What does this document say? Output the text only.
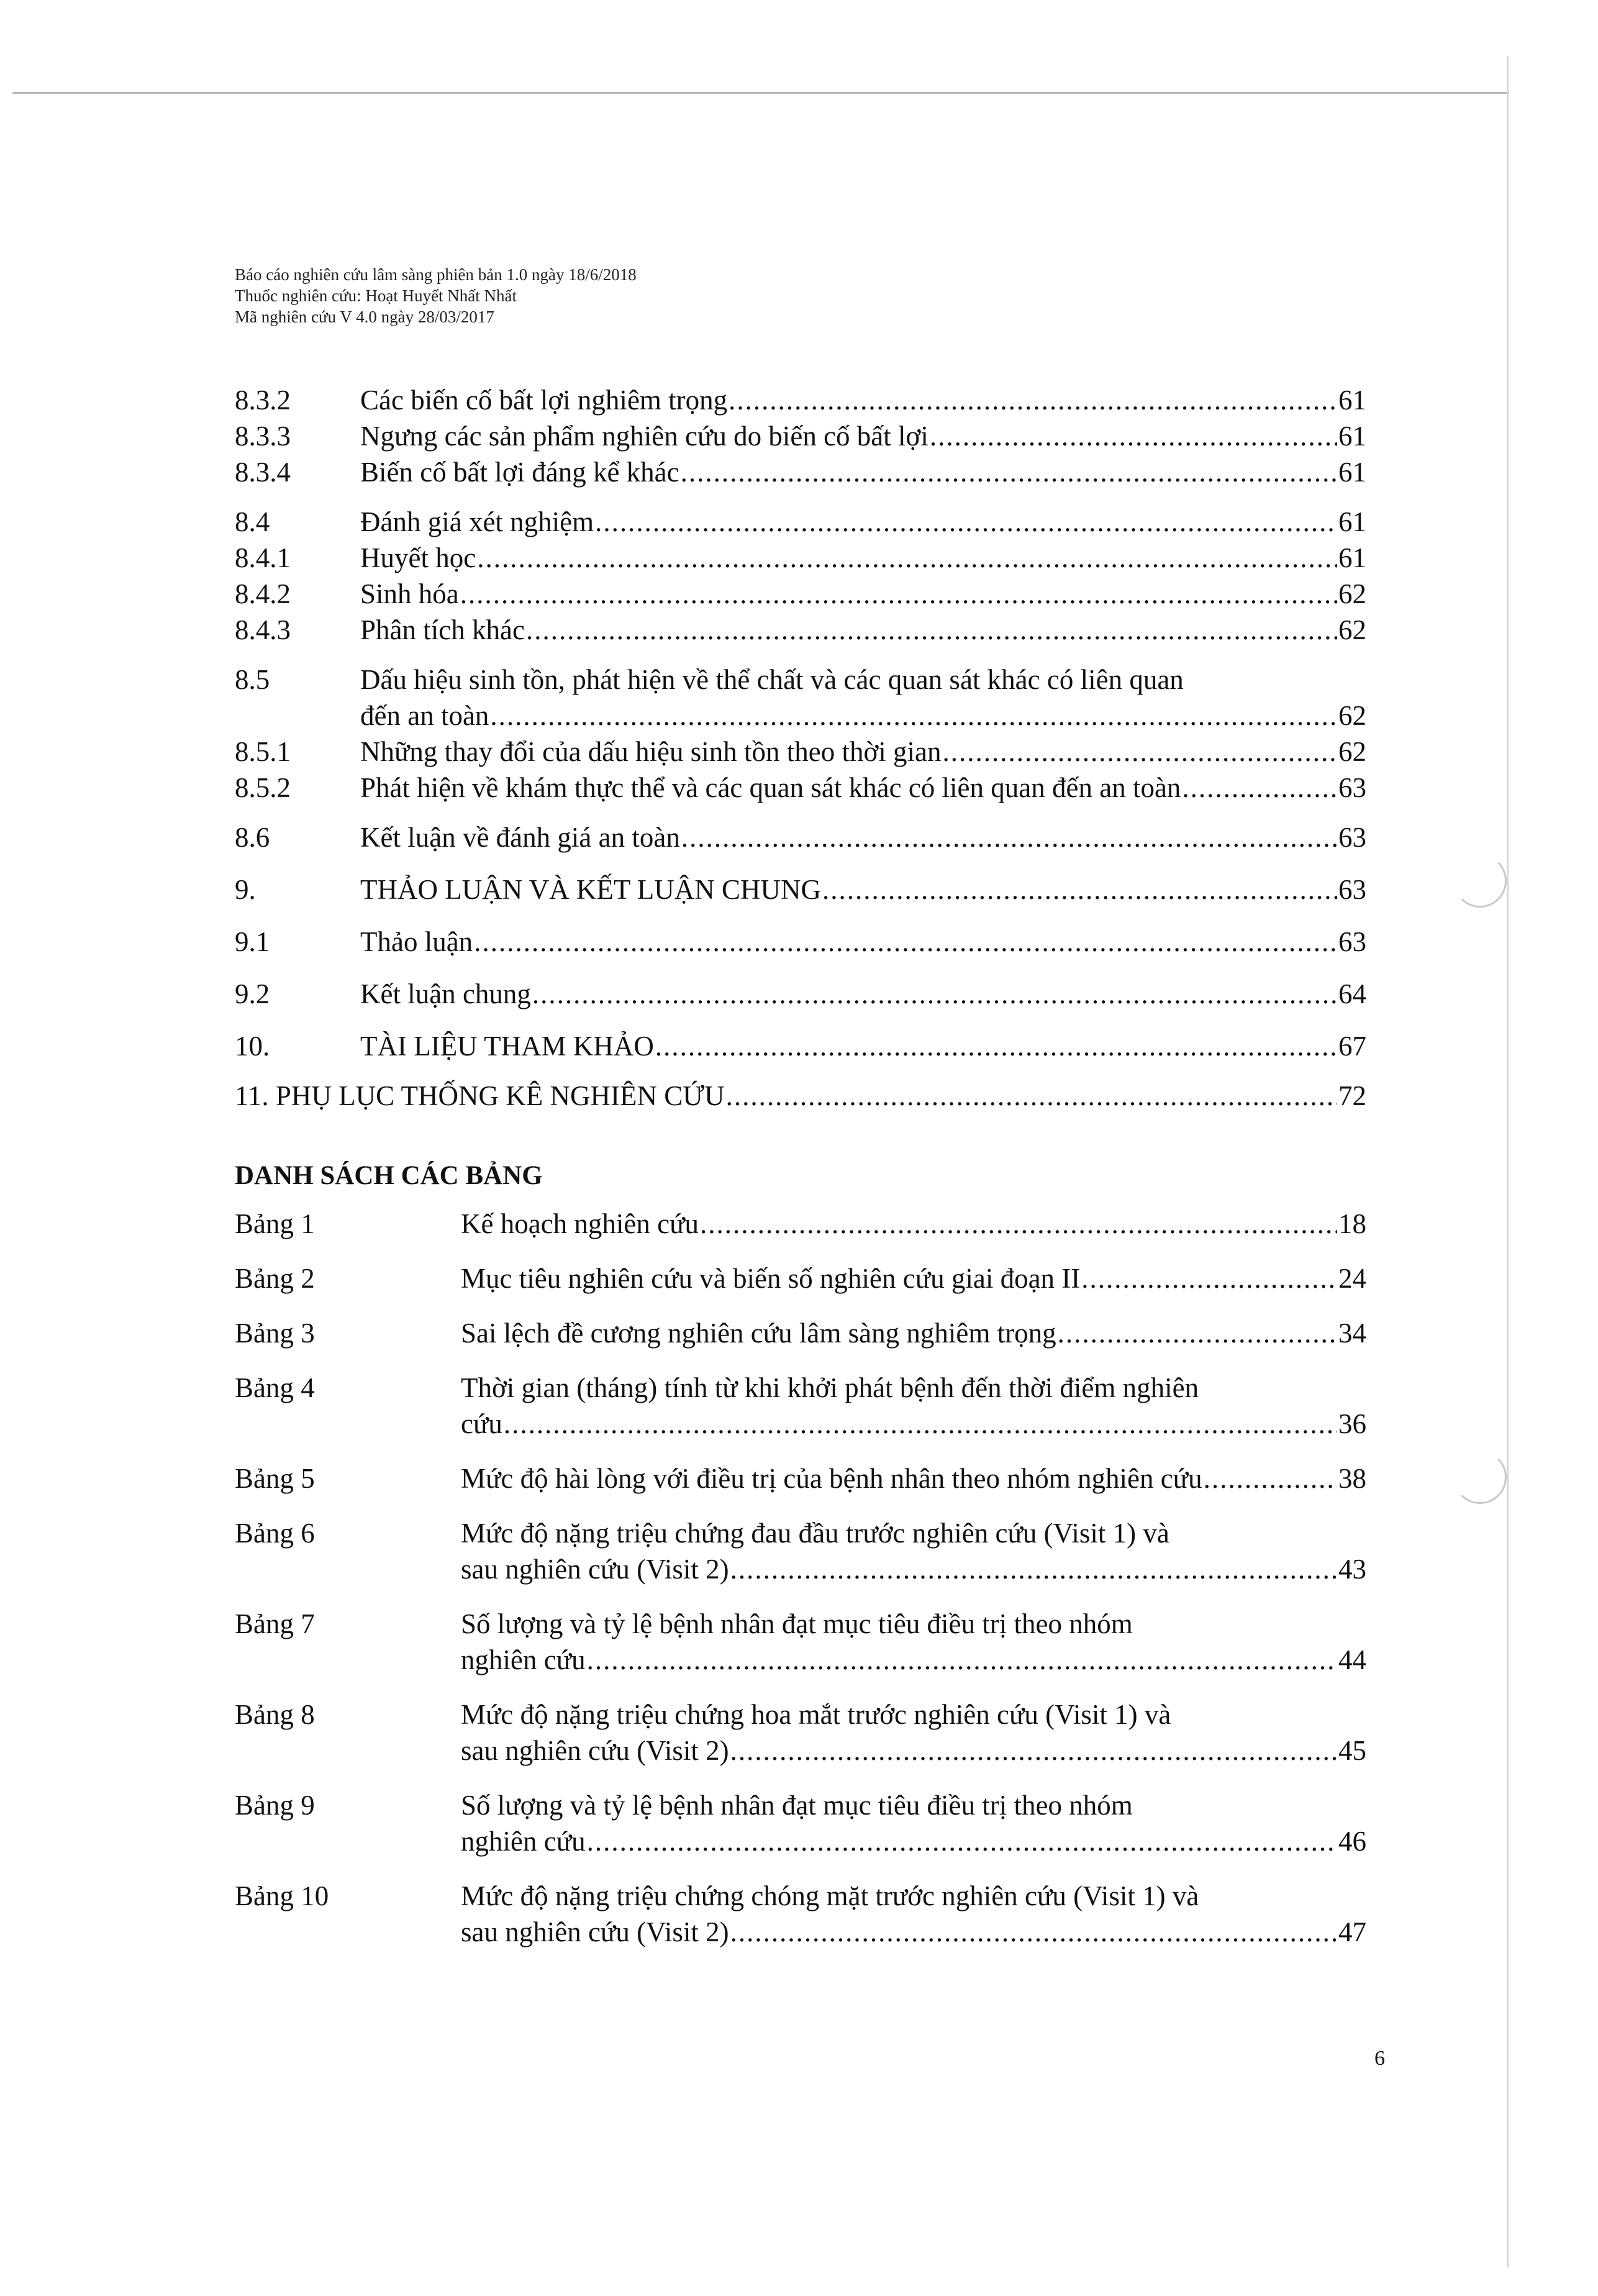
Báo cáo nghiên cứu lâm sàng phiên bản 1.0 ngày 18/6/2018
Thuốc nghiên cứu: Hoạt Huyết Nhất Nhất
Mã nghiên cứu V 4.0 ngày 28/03/2017
8.3.2	Các biến cố bất lợi nghiêm trọng .....	61
8.3.3	Ngưng các sản phẩm nghiên cứu do biến cố bất lợi .....	61
8.3.4	Biến cố bất lợi đáng kể khác .....	61
8.4	Đánh giá xét nghiệm .....	61
8.4.1	Huyết học .....	61
8.4.2	Sinh hóa .....	62
8.4.3	Phân tích khác .....	62
8.5	Dấu hiệu sinh tồn, phát hiện về thể chất và các quan sát khác có liên quan
đến an toàn .....	62
8.5.1	Những thay đổi của dấu hiệu sinh tồn theo thời gian .....	62
8.5.2	Phát hiện về khám thực thể và các quan sát khác có liên quan đến an toàn .....	63
8.6	Kết luận về đánh giá an toàn .....	63
9.	THẢO LUẬN VÀ KẾT LUẬN CHUNG .....	63
9.1	Thảo luận .....	63
9.2	Kết luận chung .....	64
10.	TÀI LIỆU THAM KHẢO .....	67
11. PHỤ LỤC THỐNG KÊ NGHIÊN CỨU .....	72
DANH SÁCH CÁC BẢNG
Bảng 1	Kế hoạch nghiên cứu .....	18
Bảng 2	Mục tiêu nghiên cứu và biến số nghiên cứu giai đoạn II .....	24
Bảng 3	Sai lệch đề cương nghiên cứu lâm sàng nghiêm trọng .....	34
Bảng 4	Thời gian (tháng) tính từ khi khởi phát bệnh đến thời điểm nghiên
cứu .....	36
Bảng 5	Mức độ hài lòng với điều trị của bệnh nhân theo nhóm nghiên cứu .....	38
Bảng 6	Mức độ nặng triệu chứng đau đầu trước nghiên cứu (Visit 1) và
sau nghiên cứu (Visit 2) .....	43
Bảng 7	Số lượng và tỷ lệ bệnh nhân đạt mục tiêu điều trị theo nhóm
nghiên cứu .....	44
Bảng 8	Mức độ nặng triệu chứng hoa mắt trước nghiên cứu (Visit 1) và
sau nghiên cứu (Visit 2) .....	45
Bảng 9	Số lượng và tỷ lệ bệnh nhân đạt mục tiêu điều trị theo nhóm
nghiên cứu .....	46
Bảng 10	Mức độ nặng triệu chứng chóng mặt trước nghiên cứu (Visit 1) và
sau nghiên cứu (Visit 2) .....	47
6
